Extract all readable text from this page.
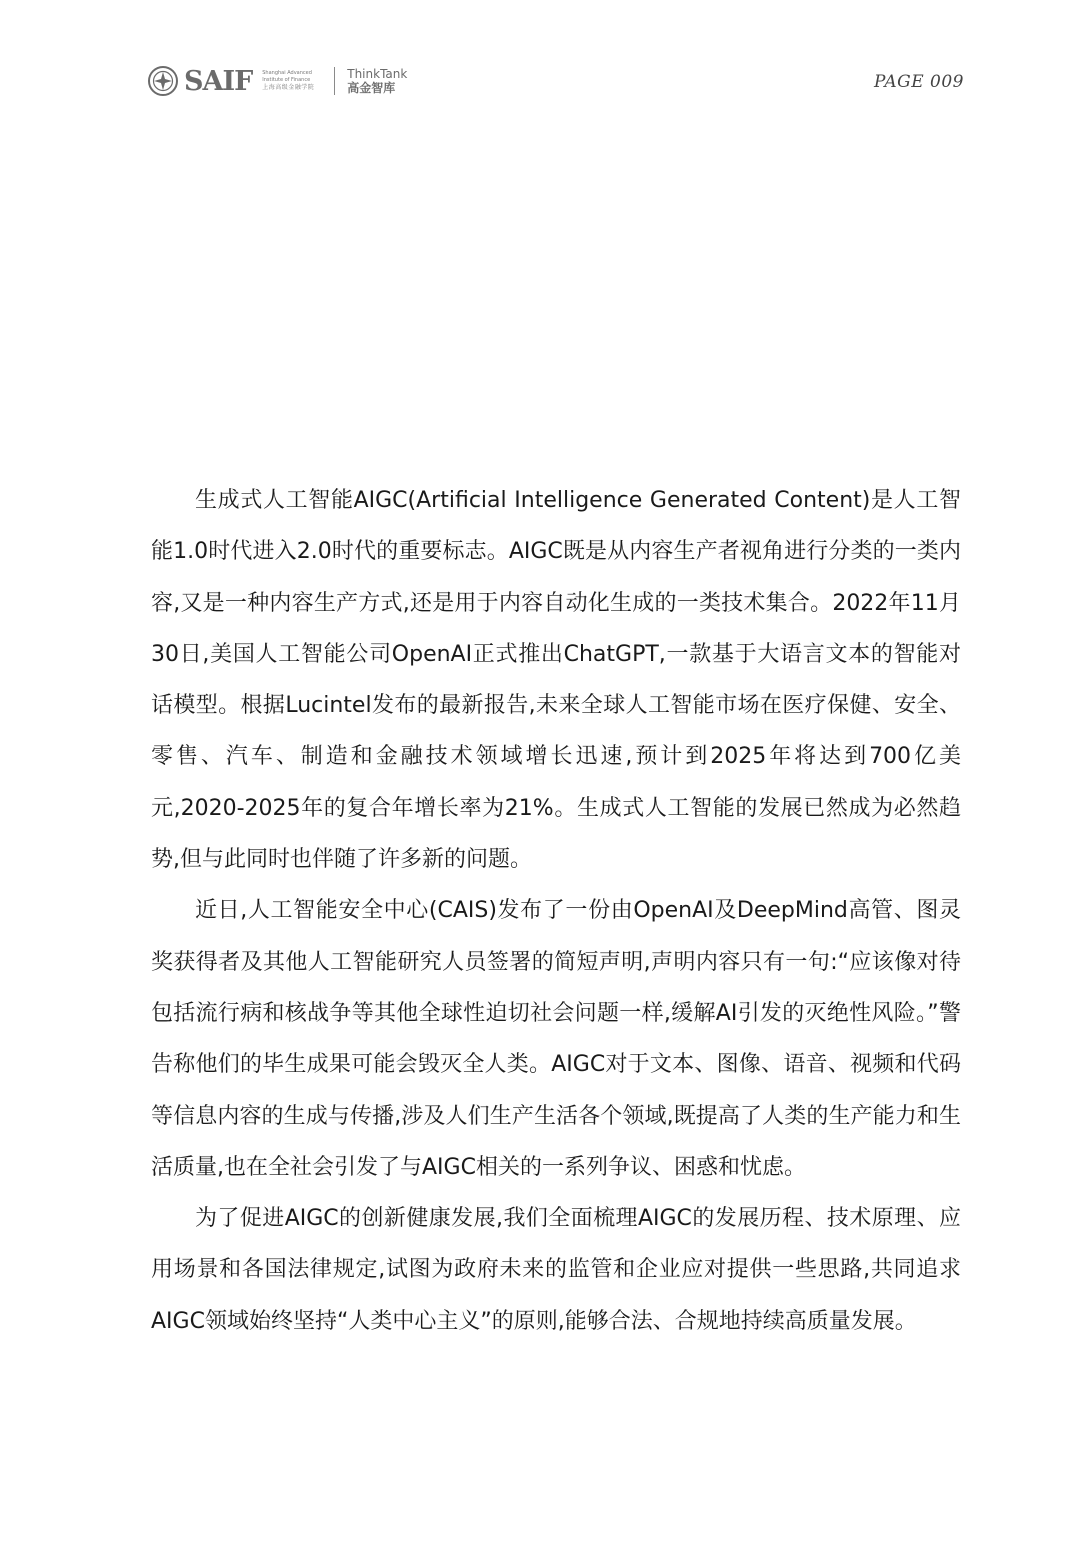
SAIF Shanghai Advanced
Institute of Finance
上海高级金融学院
ThinkTank
高金智库	PAGE 009

生成式人工智能AIGC(Artificial Intelligence Generated Content)是人工智能1.0时代进入2.0时代的重要标志。AIGC既是从内容生产者视角进行分类的一类内容,又是一种内容生产方式,还是用于内容自动化生成的一类技术集合。2022年11月30日,美国人工智能公司OpenAI正式推出ChatGPT,一款基于大语言文本的智能对话模型。根据Lucintel发布的最新报告,未来全球人工智能市场在医疗保健、安全、零售、汽车、制造和金融技术领域增长迅速,预计到2025年将达到700亿美元,2020-2025年的复合年增长率为21%。生成式人工智能的发展已然成为必然趋势,但与此同时也伴随了许多新的问题。

近日,人工智能安全中心(CAIS)发布了一份由OpenAI及DeepMind高管、图灵奖获得者及其他人工智能研究人员签署的简短声明,声明内容只有一句:“应该像对待包括流行病和核战争等其他全球性迫切社会问题一样,缓解AI引发的灭绝性风险。”警告称他们的毕生成果可能会毁灭全人类。AIGC对于文本、图像、语音、视频和代码等信息内容的生成与传播,涉及人们生产生活各个领域,既提高了人类的生产能力和生活质量,也在全社会引发了与AIGC相关的一系列争议、困惑和忧虑。

为了促进AIGC的创新健康发展,我们全面梳理AIGC的发展历程、技术原理、应用场景和各国法律规定,试图为政府未来的监管和企业应对提供一些思路,共同追求AIGC领域始终坚持“人类中心主义”的原则,能够合法、合规地持续高质量发展。
